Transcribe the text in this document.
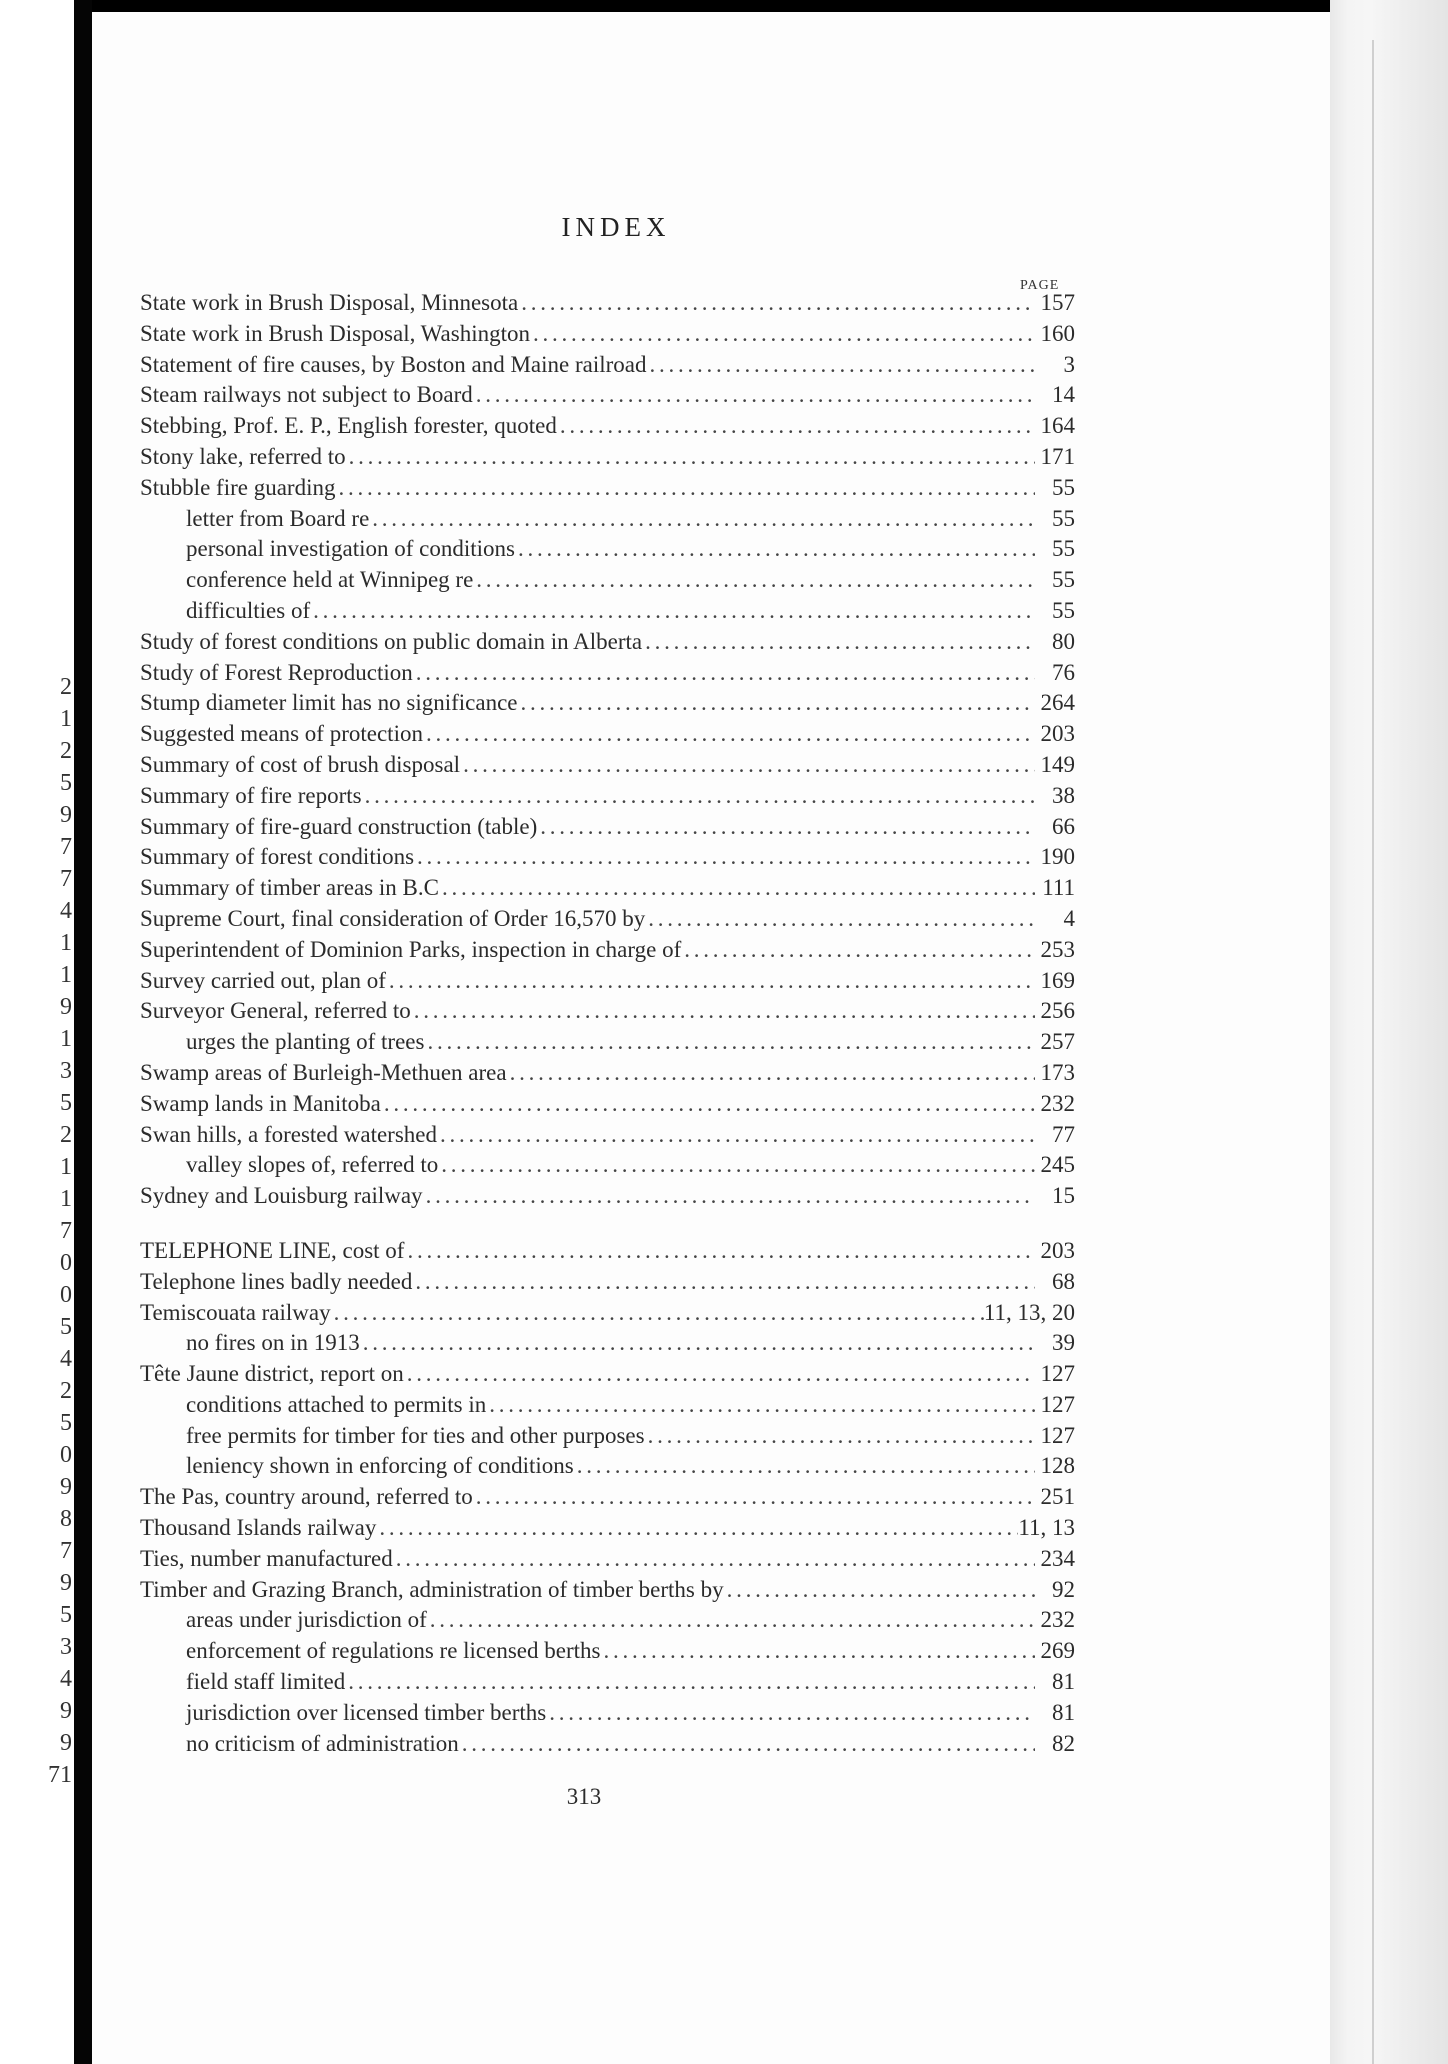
2
1
2
5
9
7
7
4
1
1
9
1
3
5
2
1
1
7
0
0
5
4
2
5
0
9
8
7
9
5
3
4
9
9
71
INDEX
PAGE
State work in Brush Disposal, Minnesota . . .	157
State work in Brush Disposal, Washington . . .	160
Statement of fire causes, by Boston and Maine railroad . . .	3
Steam railways not subject to Board . . .	14
Stebbing, Prof. E. P., English forester, quoted . . .	164
Stony lake, referred to . . .	171
Stubble fire guarding . . .	55
letter from Board re . . .	55
personal investigation of conditions . . .	55
conference held at Winnipeg re . . .	55
difficulties of . . .	55
Study of forest conditions on public domain in Alberta . . .	80
Study of Forest Reproduction . . .	76
Stump diameter limit has no significance . . .	264
Suggested means of protection . . .	203
Summary of cost of brush disposal . . .	149
Summary of fire reports . . .	38
Summary of fire-guard construction (table) . . .	66
Summary of forest conditions . . .	190
Summary of timber areas in B.C . . .	111
Supreme Court, final consideration of Order 16,570 by . . .	4
Superintendent of Dominion Parks, inspection in charge of . . .	253
Survey carried out, plan of . . .	169
Surveyor General, referred to . . .	256
urges the planting of trees . . .	257
Swamp areas of Burleigh-Methuen area . . .	173
Swamp lands in Manitoba . . .	232
Swan hills, a forested watershed . . .	77
valley slopes of, referred to . . .	245
Sydney and Louisburg railway . . .	15
TELEPHONE LINE, cost of . . .	203
Telephone lines badly needed . . .	68
Temiscouata railway . . .	11, 13, 20
no fires on in 1913 . . .	39
Tête Jaune district, report on . . .	127
conditions attached to permits in . . .	127
free permits for timber for ties and other purposes . . .	127
leniency shown in enforcing of conditions . . .	128
The Pas, country around, referred to . . .	251
Thousand Islands railway . . .	11, 13
Ties, number manufactured . . .	234
Timber and Grazing Branch, administration of timber berths by . . .	92
areas under jurisdiction of . . .	232
enforcement of regulations re licensed berths . . .	269
field staff limited . . .	81
jurisdiction over licensed timber berths . . .	81
no criticism of administration . . .	82
313
